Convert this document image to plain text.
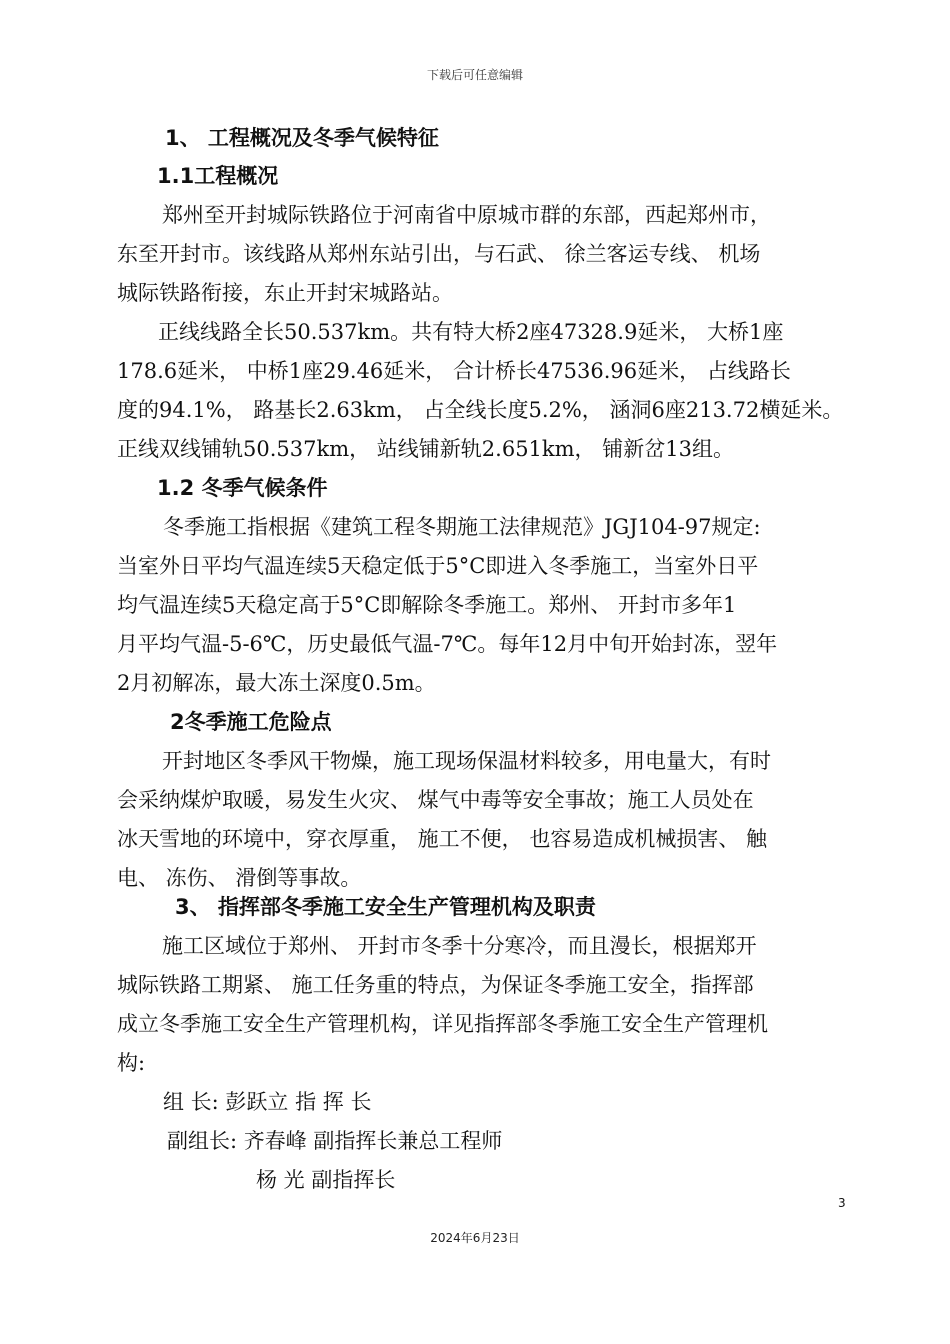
下载后可任意编辑
1、 工程概况及冬季气候特征
1.1工程概况
郑州至开封城际铁路位于河南省中原城市群的东部，西起郑州市，
东至开封市。该线路从郑州东站引出，与石武、 徐兰客运专线、 机场
城际铁路衔接，东止开封宋城路站。
正线线路全长50.537km。共有特大桥2座47328.9延米， 大桥1座
178.6延米， 中桥1座29.46延米， 合计桥长47536.96延米， 占线路长
度的94.1%， 路基长2.63km， 占全线长度5.2%， 涵洞6座213.72横延米。
正线双线铺轨50.537km， 站线铺新轨2.651km， 铺新岔13组。
1.2 冬季气候条件
冬季施工指根据《建筑工程冬期施工法律规范》JGJ104-97规定:
当室外日平均气温连续5天稳定低于5°C即进入冬季施工，当室外日平
均气温连续5天稳定高于5°C即解除冬季施工。郑州、 开封市多年1
月平均气温-5-6℃，历史最低气温-7℃。每年12月中旬开始封冻，翌年
2月初解冻，最大冻土深度0.5m。
2冬季施工危险点
开封地区冬季风干物燥，施工现场保温材料较多，用电量大，有时
会采纳煤炉取暖，易发生火灾、 煤气中毒等安全事故；施工人员处在
冰天雪地的环境中，穿衣厚重， 施工不便， 也容易造成机械损害、 触
电、 冻伤、 滑倒等事故。
3、 指挥部冬季施工安全生产管理机构及职责
施工区域位于郑州、 开封市冬季十分寒冷，而且漫长，根据郑开
城际铁路工期紧、 施工任务重的特点，为保证冬季施工安全，指挥部
成立冬季施工安全生产管理机构，详见指挥部冬季施工安全生产管理机
构:
组 长: 彭跃立 指 挥 长
副组长: 齐春峰 副指挥长兼总工程师
杨 光 副指挥长
3
2024年6月23日
